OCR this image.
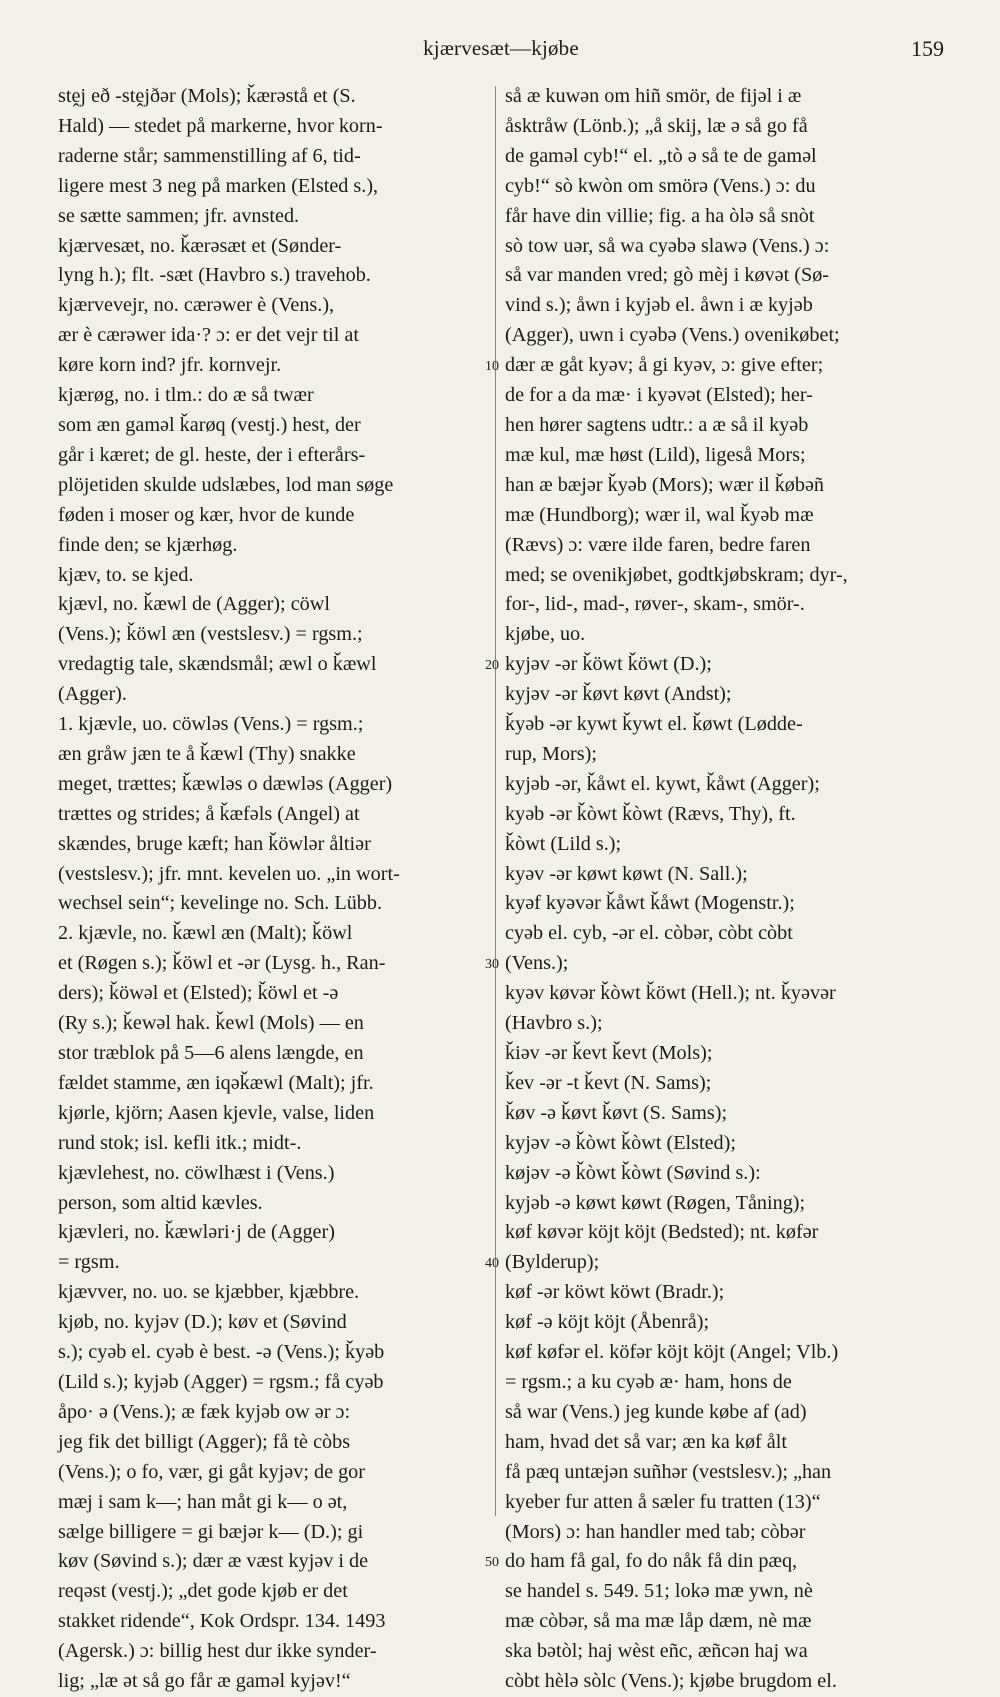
kjærvesæt—kjøbe	159
stḙj eð -stḙjðər (Mols); ǩærəstå et (S.
Hald) — stedet på markerne, hvor korn-
raderne står; sammenstilling af 6, tid-
ligere mest 3 neg på marken (Elsted s.),
se sætte sammen; jfr. avnsted.
kjærvesæt, no. ǩærəsæt et (Sønder-
lyng h.); flt. -sæt (Havbro s.) travehob.
kjærvevejr, no. cærəwer è (Vens.),
ær è cærəwer ida·? ɔ: er det vejr til at
køre korn ind? jfr. kornvejr.
kjærøg, no. i tlm.: do æ så twær
som æn gaməl ǩarøq (vestj.) hest, der
går i kæret; de gl. heste, der i efterårs-
plöjetiden skulde udslæbes, lod man søge
føden i moser og kær, hvor de kunde
finde den; se kjærhøg.
kjæv, to. se kjed.
kjævl, no. ǩæwl de (Agger); cöwl
(Vens.); ǩöwl æn (vestslesv.) = rgsm.;
vredagtig tale, skændsmål; æwl o ǩæwl
(Agger).
1. kjævle, uo. cöwləs (Vens.) = rgsm.;
æn gråw jæn te å ǩæwl (Thy) snakke
meget, trættes; ǩæwləs o dæwləs (Agger)
trættes og strides; å ǩæfəls (Angel) at
skændes, bruge kæft; han ǩöwlər åltiər
(vestslesv.); jfr. mnt. kevelen uo. „in wort-
wechsel sein“; kevelinge no. Sch. Lübb.
2. kjævle, no. ǩæwl æn (Malt); ǩöwl
et (Røgen s.); ǩöwl et -ər (Lysg. h., Ran-
ders); ǩöwəl et (Elsted); ǩöwl et -ə
(Ry s.); ǩewəl hak. ǩewl (Mols) — en
stor træblok på 5—6 alens længde, en
fældet stamme, æn iqəǩæwl (Malt); jfr.
kjørle, kjörn; Aasen kjevle, valse, liden
rund stok; isl. kefli itk.; midt-.
kjævlehest, no. cöwlhæst i (Vens.)
person, som altid kævles.
kjævleri, no. ǩæwləri·j de (Agger)
= rgsm.
kjævver, no. uo. se kjæbber, kjæbbre.
kjøb, no. kyjəv (D.); køv et (Søvind
s.); cyəb el. cyəb è best. -ə (Vens.); ǩyəb
(Lild s.); kyjəb (Agger) = rgsm.; få cyəb
åpo· ə (Vens.); æ fæk kyjəb ow ər ɔ:
jeg fik det billigt (Agger); få tè còbs
(Vens.); o fo, vær, gi gåt kyjəv; de gor
mæj i sam k—; han måt gi k— o ət,
sælge billigere = gi bæjər k— (D.); gi
køv (Søvind s.); dær æ væst kyjəv i de
reqəst (vestj.); „det gode kjøb er det
stakket ridende“, Kok Ordspr. 134. 1493
(Agersk.) ɔ: billig hest dur ikke synder-
lig; „læ ət så go får æ gaməl kyjəv!“
så æ kuwən om hiñ smör, de fijəl i æ
åsktråw (Lönb.); „å skij, læ ə så go få
de gaməl cyb!“ el. „tò ə så te de gaməl
cyb!“ sò kwòn om smörə (Vens.) ɔ: du
får have din villie; fig. a ha òlə så snòt
sò tow uər, så wa cyəbə slawə (Vens.) ɔ:
så var manden vred; gò mèj i køvət (Sø-
vind s.); åwn i kyjəb el. åwn i æ kyjəb
(Agger), uwn i cyəbə (Vens.) ovenikøbet;
dær æ gåt kyəv; å gi kyəv, ɔ: give efter;
de for a da mæ· i kyəvət (Elsted); her-
hen hører sagtens udtr.: a æ så il kyəb
mæ kul, mæ høst (Lild), ligeså Mors;
han æ bæjər ǩyəb (Mors); wær il ǩøbəñ
mæ (Hundborg); wær il, wal ǩyəb mæ
(Rævs) ɔ: være ilde faren, bedre faren
med; se ovenikjøbet, godtkjøbskram; dyr-,
for-, lid-, mad-, røver-, skam-, smör-.
kjøbe, uo.
kyjəv -ər ǩöwt ǩöwt (D.);
kyjəv -ər ǩøvt køvt (Andst);
ǩyəb -ər kywt ǩywt el. ǩøwt (Lødde-
rup, Mors);
kyjəb -ər, ǩåwt el. kywt, ǩåwt (Agger);
kyəb -ər ǩòwt ǩòwt (Rævs, Thy), ft.
ǩòwt (Lild s.);
kyəv -ər køwt køwt (N. Sall.);
kyəf kyəvər ǩåwt ǩåwt (Mogenstr.);
cyəb el. cyb, -ər el. còbər, còbt còbt
(Vens.);
kyəv køvər ǩòwt ǩöwt (Hell.); nt. ǩyəvər
(Havbro s.);
ǩiəv -ər ǩevt ǩevt (Mols);
ǩev -ər -t ǩevt (N. Sams);
ǩøv -ə ǩøvt ǩøvt (S. Sams);
kyjəv -ə ǩòwt ǩòwt (Elsted);
køjəv -ə ǩòwt ǩòwt (Søvind s.):
kyjəb -ə køwt køwt (Røgen, Tåning);
køf køvər köjt köjt (Bedsted); nt. køfər
(Bylderup);
køf -ər köwt köwt (Bradr.);
køf -ə köjt köjt (Åbenrå);
køf køfər el. köfər köjt köjt (Angel; Vlb.)
= rgsm.; a ku cyəb æ· ham, hons de
så war (Vens.) jeg kunde købe af (ad)
ham, hvad det så var; æn ka køf ålt
få pæq untæjən suñhər (vestslesv.); „han
kyeber fur atten å sæler fu tratten (13)“
(Mors) ɔ: han handler med tab; còbər
do ham få gal, fo do nåk få din pæq,
se handel s. 549. 51; lokə mæ ywn, nè
mæ còbər, så ma mæ låp dæm, nè mæ
ska bətòl; haj wèst eñc, æñcən haj wa
còbt hèlə sòlc (Vens.); kjøbe brugdom el.
10
20
30
40
50
